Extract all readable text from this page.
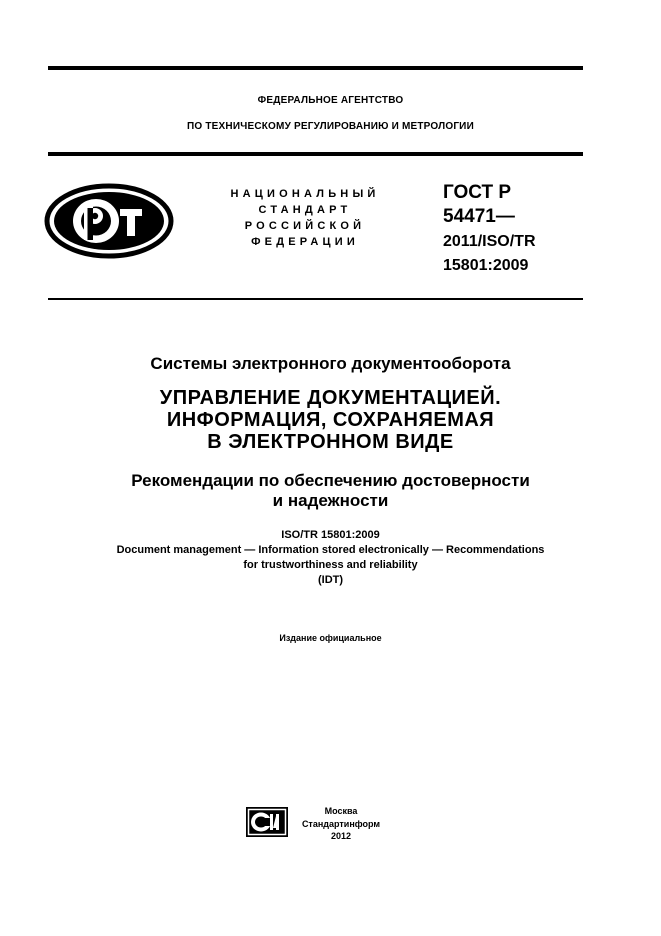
ФЕДЕРАЛЬНОЕ АГЕНТСТВО
ПО ТЕХНИЧЕСКОМУ РЕГУЛИРОВАНИЮ И МЕТРОЛОГИИ
НАЦИОНАЛЬНЫЙ
СТАНДАРТ
РОССИЙСКОЙ
ФЕДЕРАЦИИ
ГОСТ Р
54471—
2011/ISO/TR
15801:2009
Системы электронного документооборота
УПРАВЛЕНИЕ ДОКУМЕНТАЦИЕЙ.
ИНФОРМАЦИЯ, СОХРАНЯЕМАЯ
В ЭЛЕКТРОННОМ ВИДЕ
Рекомендации по обеспечению достоверности
и надежности
ISO/TR 15801:2009
Document management — Information stored electronically — Recommendations
for trustworthiness and reliability
(IDT)
Издание официальное
Москва
Стандартинформ
2012
